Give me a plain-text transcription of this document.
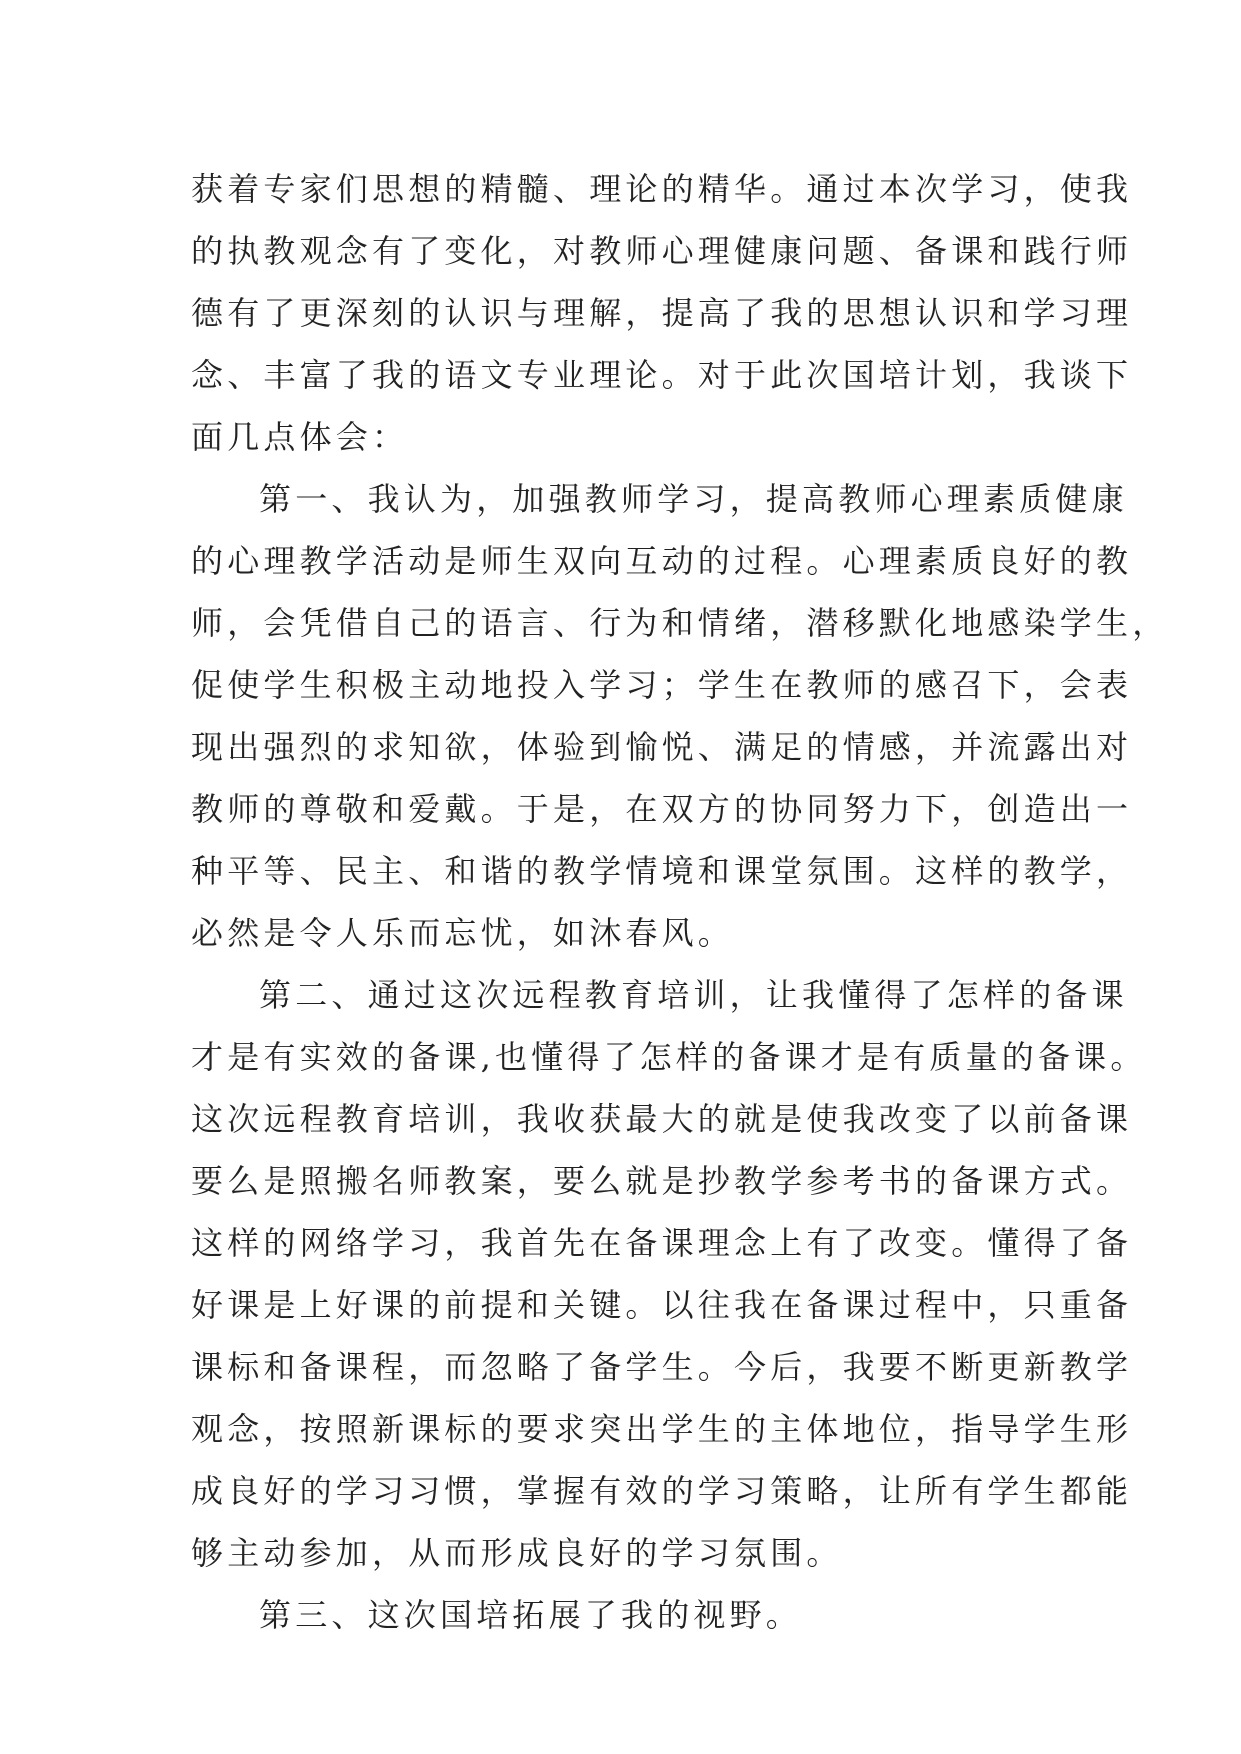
获着专家们思想的精髓、理论的精华。通过本次学习，使我
的执教观念有了变化，对教师心理健康问题、备课和践行师
德有了更深刻的认识与理解，提高了我的思想认识和学习理
念、丰富了我的语文专业理论。对于此次国培计划，我谈下
面几点体会：
第一、我认为，加强教师学习，提高教师心理素质健康
的心理教学活动是师生双向互动的过程。心理素质良好的教
师，会凭借自己的语言、行为和情绪，潜移默化地感染学生，
促使学生积极主动地投入学习；学生在教师的感召下，会表
现出强烈的求知欲，体验到愉悦、满足的情感，并流露出对
教师的尊敬和爱戴。于是，在双方的协同努力下，创造出一
种平等、民主、和谐的教学情境和课堂氛围。这样的教学，
必然是令人乐而忘忧，如沐春风。
第二、通过这次远程教育培训，让我懂得了怎样的备课
才是有实效的备课,也懂得了怎样的备课才是有质量的备课。
这次远程教育培训，我收获最大的就是使我改变了以前备课
要么是照搬名师教案，要么就是抄教学参考书的备课方式。
这样的网络学习，我首先在备课理念上有了改变。懂得了备
好课是上好课的前提和关键。以往我在备课过程中，只重备
课标和备课程，而忽略了备学生。今后，我要不断更新教学
观念，按照新课标的要求突出学生的主体地位，指导学生形
成良好的学习习惯，掌握有效的学习策略，让所有学生都能
够主动参加，从而形成良好的学习氛围。
第三、这次国培拓展了我的视野。
